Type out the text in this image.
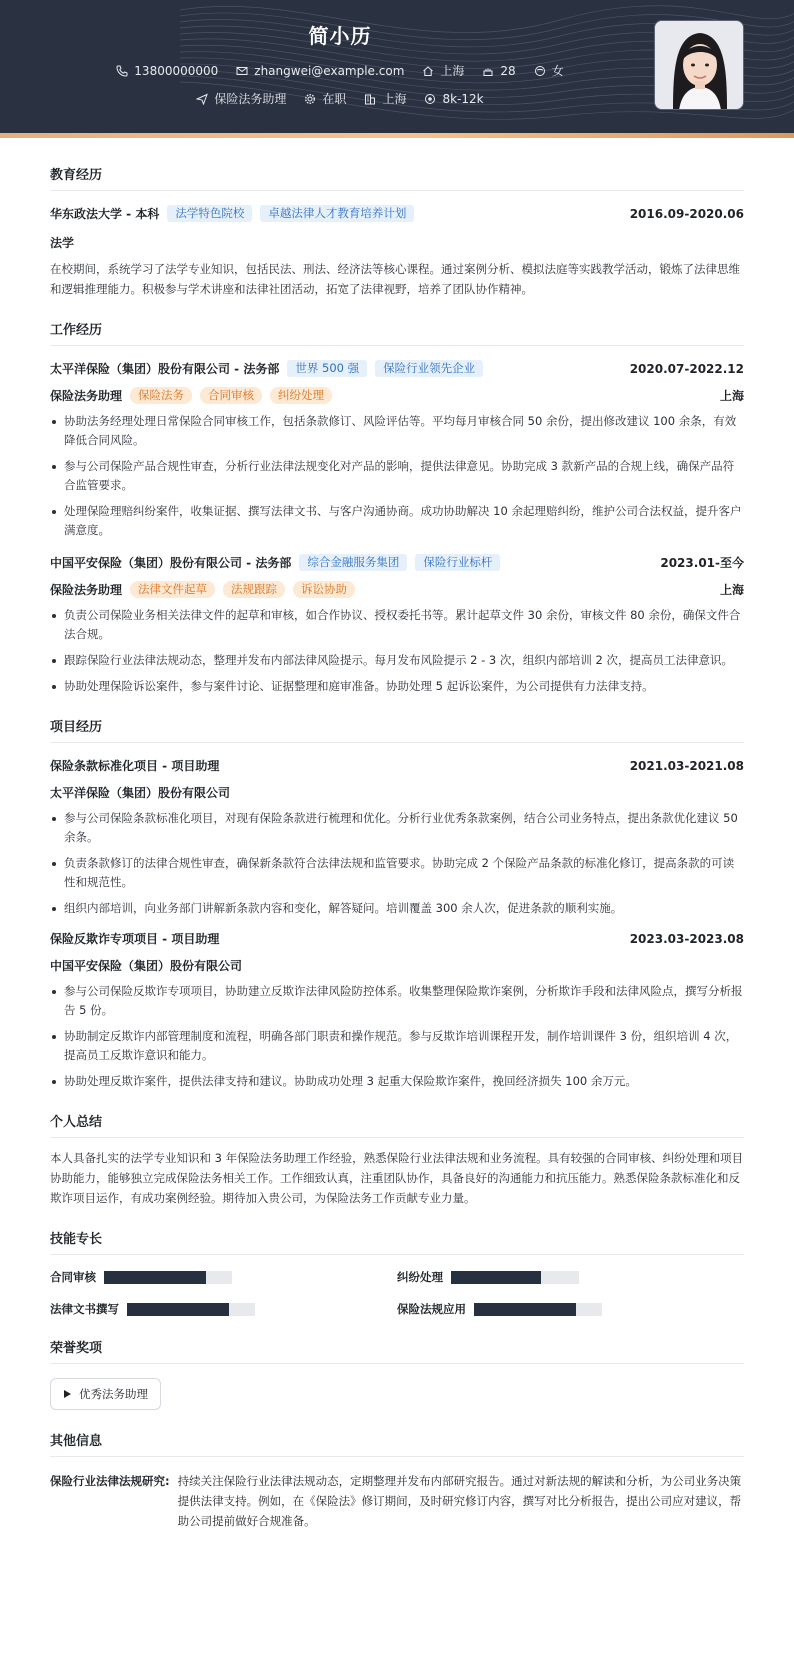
简小历
13800000000	zhangwei@example.com	上海	28	女
保险法务助理	在职	上海	8k-12k
教育经历
华东政法大学 - 本科	法学特色院校	卓越法律人才教育培养计划	2016.09-2020.06
法学

在校期间，系统学习了法学专业知识，包括民法、刑法、经济法等核心课程。通过案例分析、模拟法庭等实践教学活动，锻炼了法律思维和逻辑推理能力。积极参与学术讲座和法律社团活动，拓宽了法律视野，培养了团队协作精神。

工作经历
太平洋保险（集团）股份有限公司 - 法务部	世界 500 强	保险行业领先企业	2020.07-2022.12
保险法务助理	保险法务	合同审核	纠纷处理	上海
协助法务经理处理日常保险合同审核工作，包括条款修订、风险评估等。平均每月审核合同 50 余份，提出修改建议 100 余条，有效降低合同风险。
参与公司保险产品合规性审查，分析行业法律法规变化对产品的影响，提供法律意见。协助完成 3 款新产品的合规上线，确保产品符合监管要求。
处理保险理赔纠纷案件，收集证据、撰写法律文书、与客户沟通协商。成功协助解决 10 余起理赔纠纷，维护公司合法权益，提升客户满意度。
中国平安保险（集团）股份有限公司 - 法务部	综合金融服务集团	保险行业标杆	2023.01-至今
保险法务助理	法律文件起草	法规跟踪	诉讼协助	上海
负责公司保险业务相关法律文件的起草和审核，如合作协议、授权委托书等。累计起草文件 30 余份，审核文件 80 余份，确保文件合法合规。
跟踪保险行业法律法规动态，整理并发布内部法律风险提示。每月发布风险提示 2 - 3 次，组织内部培训 2 次，提高员工法律意识。
协助处理保险诉讼案件，参与案件讨论、证据整理和庭审准备。协助处理 5 起诉讼案件，为公司提供有力法律支持。
项目经历
保险条款标准化项目 - 项目助理	2021.03-2021.08
太平洋保险（集团）股份有限公司
参与公司保险条款标准化项目，对现有保险条款进行梳理和优化。分析行业优秀条款案例，结合公司业务特点，提出条款优化建议 50 余条。
负责条款修订的法律合规性审查，确保新条款符合法律法规和监管要求。协助完成 2 个保险产品条款的标准化修订，提高条款的可读性和规范性。
组织内部培训，向业务部门讲解新条款内容和变化，解答疑问。培训覆盖 300 余人次，促进条款的顺利实施。
保险反欺诈专项项目 - 项目助理	2023.03-2023.08
中国平安保险（集团）股份有限公司
参与公司保险反欺诈专项项目，协助建立反欺诈法律风险防控体系。收集整理保险欺诈案例，分析欺诈手段和法律风险点，撰写分析报告 5 份。
协助制定反欺诈内部管理制度和流程，明确各部门职责和操作规范。参与反欺诈培训课程开发，制作培训课件 3 份，组织培训 4 次，提高员工反欺诈意识和能力。
协助处理反欺诈案件，提供法律支持和建议。协助成功处理 3 起重大保险欺诈案件，挽回经济损失 100 余万元。
个人总结

本人具备扎实的法学专业知识和 3 年保险法务助理工作经验，熟悉保险行业法律法规和业务流程。具有较强的合同审核、纠纷处理和项目协助能力，能够独立完成保险法务相关工作。工作细致认真，注重团队协作，具备良好的沟通能力和抗压能力。熟悉保险条款标准化和反欺诈项目运作，有成功案例经验。期待加入贵公司，为保险法务工作贡献专业力量。

技能专长
合同审核	纠纷处理
法律文书撰写	保险法规应用
荣誉奖项
优秀法务助理
其他信息
保险行业法律法规研究: 持续关注保险行业法律法规动态，定期整理并发布内部研究报告。通过对新法规的解读和分析，为公司业务决策提供法律支持。例如，在《保险法》修订期间，及时研究修订内容，撰写对比分析报告，提出公司应对建议，帮助公司提前做好合规准备。
